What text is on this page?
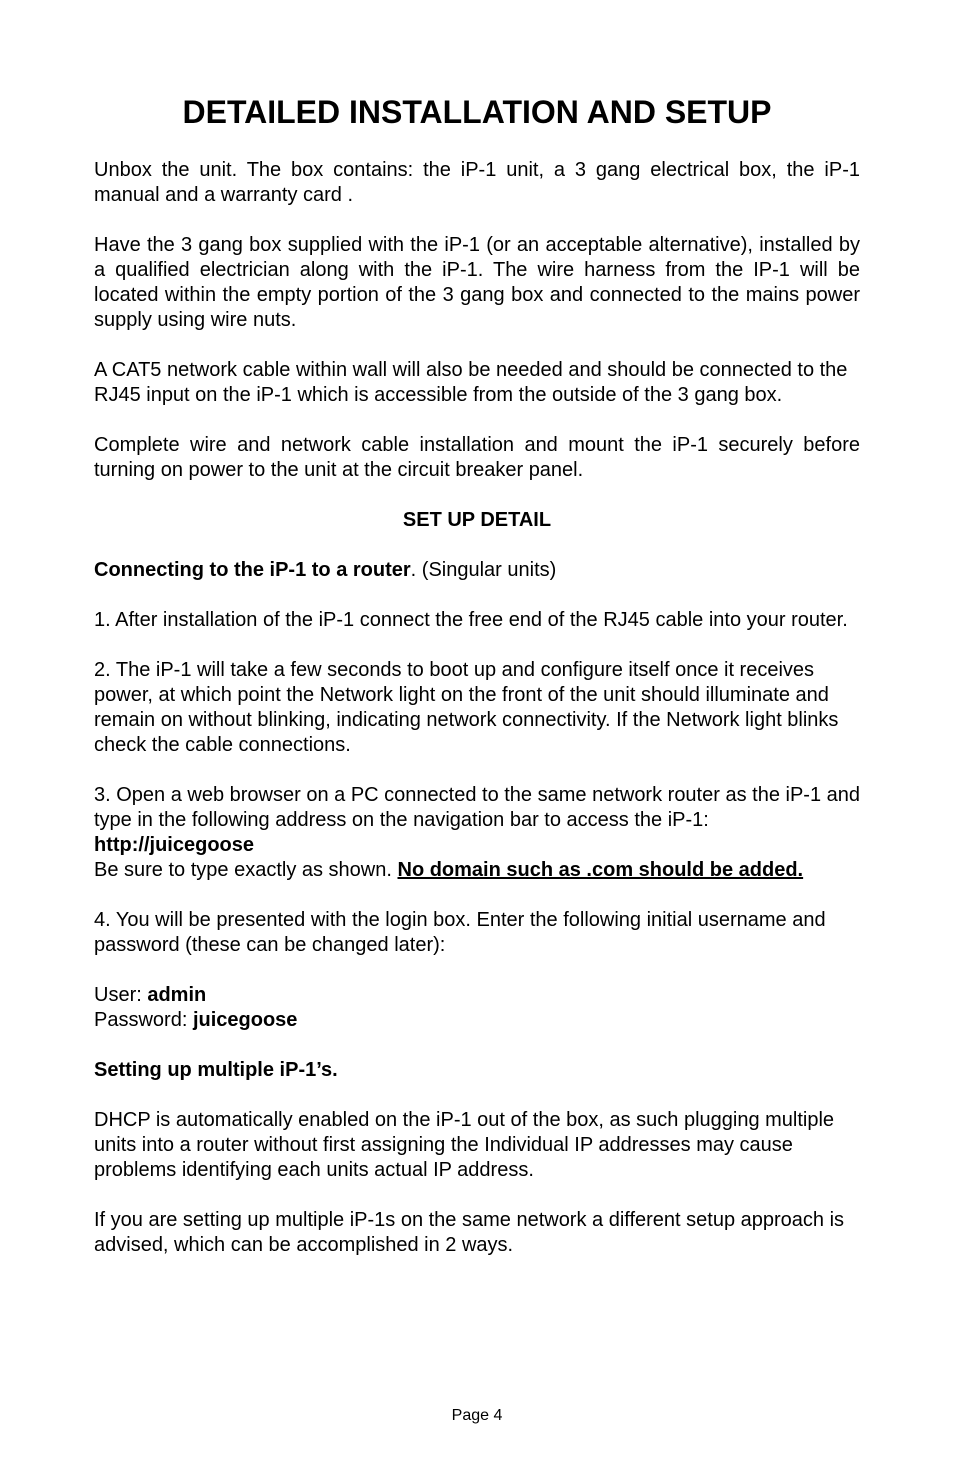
DETAILED INSTALLATION AND SETUP

Unbox the unit. The box contains: the iP-1 unit, a 3 gang electrical box, the iP-1 manual and a warranty card .

Have the 3 gang box supplied with the iP-1 (or an acceptable alternative), installed by a qualified electrician along with the iP-1. The wire harness from the IP-1 will be located within the empty portion of the 3 gang box and connected to the mains power supply using wire nuts.

A CAT5 network cable within wall will also be needed and should be connected to the RJ45 input on the iP-1 which is accessible from the outside of the 3 gang box.

Complete wire and network cable installation and mount the iP-1 securely before turning on power to the unit at the circuit breaker panel.

SET UP DETAIL

Connecting to the iP-1 to a router. (Singular units)

1. After installation of the iP-1 connect the free end of the RJ45 cable into your router.

2. The iP-1 will take a few seconds to boot up and configure itself once it receives power, at which point the Network light on the front of the unit should illuminate and remain on without blinking, indicating network connectivity. If the Network light blinks check the cable connections.

3. Open a web browser on a PC connected to the same network router as the iP-1 and type in the following address on the navigation bar to access the iP-1:
http://juicegoose
Be sure to type exactly as shown. No domain such as .com should be added.

4. You will be presented with the login box. Enter the following initial username and password (these can be changed later):

User: admin
Password: juicegoose

Setting up multiple iP-1’s.

DHCP is automatically enabled on the iP-1 out of the box, as such plugging multiple units into a router without first assigning the Individual IP addresses may cause problems identifying each units actual IP address.

If you are setting up multiple iP-1s on the same network a different setup approach is advised, which can be accomplished in 2 ways.

Page 4
